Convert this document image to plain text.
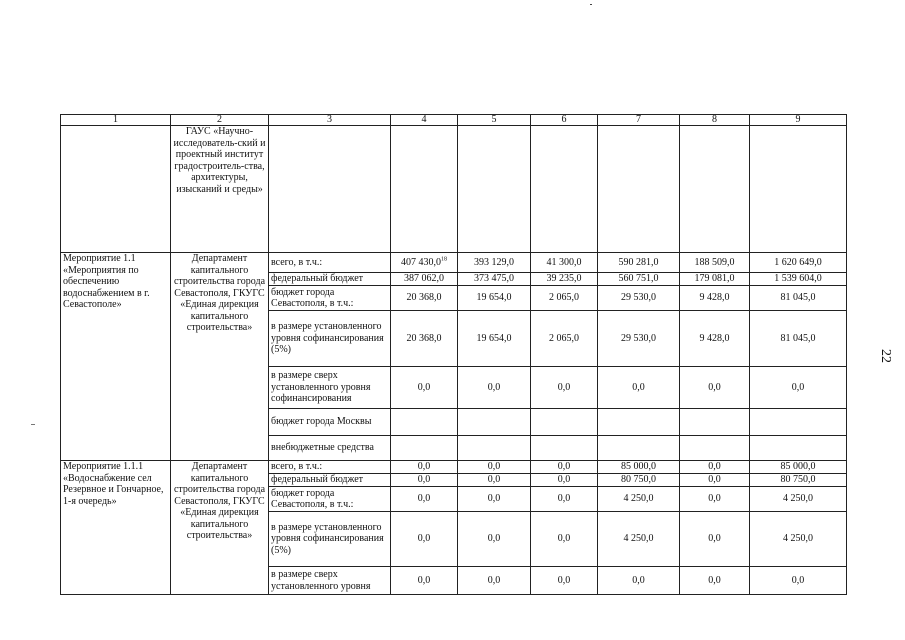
1	2	3	4	5	6	7	8	9
	ГАУС «Научно-исследователь-ский и проектный институт градостроитель-ства, архитектуры, изысканий и среды»							
Мероприятие 1.1 «Мероприятия по обеспечению водоснабжением в г. Севастополе»	Департамент капитального строительства города Севастополя, ГКУГС «Единая дирекция капитального строительства»	всего, в т.ч.:	407 430,0$^{18}$	393 129,0	41 300,0	590 281,0	188 509,0	1 620 649,0
		федеральный бюджет	387 062,0	373 475,0	39 235,0	560 751,0	179 081,0	1 539 604,0
		бюджет города Севастополя, в т.ч.:	20 368,0	19 654,0	2 065,0	29 530,0	9 428,0	81 045,0
		в размере установленного уровня софинансирования (5%)	20 368,0	19 654,0	2 065,0	29 530,0	9 428,0	81 045,0
		в размере сверх установленного уровня софинансирования	0,0	0,0	0,0	0,0	0,0	0,0
		бюджет города Москвы						
		внебюджетные средства						
Мероприятие 1.1.1 «Водоснабжение сел Резервное и Гончарное, 1-я очередь»	Департамент капитального строительства города Севастополя, ГКУГС «Единая дирекция капитального строительства»	всего, в т.ч.:	0,0	0,0	0,0	85 000,0	0,0	85 000,0
		федеральный бюджет	0,0	0,0	0,0	80 750,0	0,0	80 750,0
		бюджет города Севастополя, в т.ч.:	0,0	0,0	0,0	4 250,0	0,0	4 250,0
		в размере установленного уровня софинансирования (5%)	0,0	0,0	0,0	4 250,0	0,0	4 250,0
		в размере сверх установленного уровня	0,0	0,0	0,0	0,0	0,0	0,0
22
